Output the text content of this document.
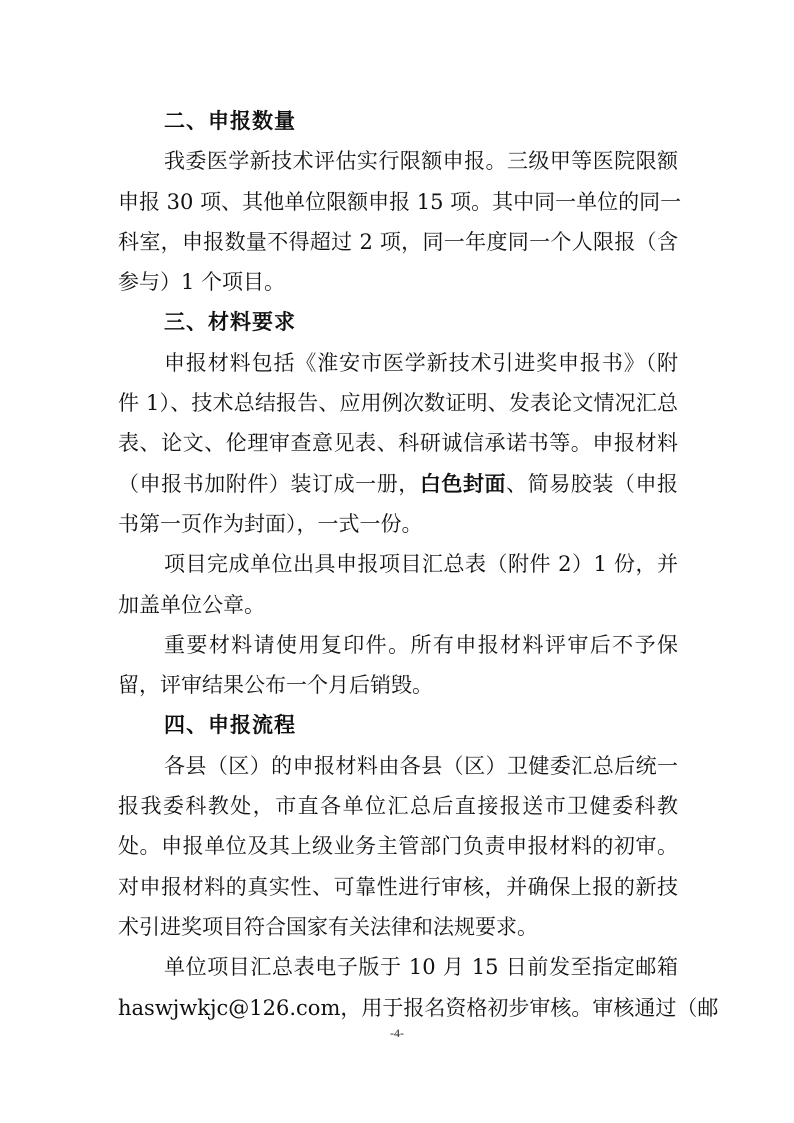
二、申报数量
我委医学新技术评估实行限额申报。三级甲等医院限额
申报 30 项、其他单位限额申报 15 项。其中同一单位的同一
科室，申报数量不得超过 2 项，同一年度同一个人限报（含
参与）1 个项目。
三、材料要求
申报材料包括《淮安市医学新技术引进奖申报书》（附
件 1）、技术总结报告、应用例次数证明、发表论文情况汇总
表、论文、伦理审查意见表、科研诚信承诺书等。申报材料
（申报书加附件）装订成一册，白色封面、简易胶装（申报
书第一页作为封面），一式一份。
项目完成单位出具申报项目汇总表（附件 2）1 份，并
加盖单位公章。
重要材料请使用复印件。所有申报材料评审后不予保
留，评审结果公布一个月后销毁。
四、申报流程
各县（区）的申报材料由各县（区）卫健委汇总后统一
报我委科教处，市直各单位汇总后直接报送市卫健委科教
处。申报单位及其上级业务主管部门负责申报材料的初审。
对申报材料的真实性、可靠性进行审核，并确保上报的新技
术引进奖项目符合国家有关法律和法规要求。
单位项目汇总表电子版于 10 月 15 日前发至指定邮箱
haswjwkjc@126.com，用于报名资格初步审核。审核通过（邮
-4-
